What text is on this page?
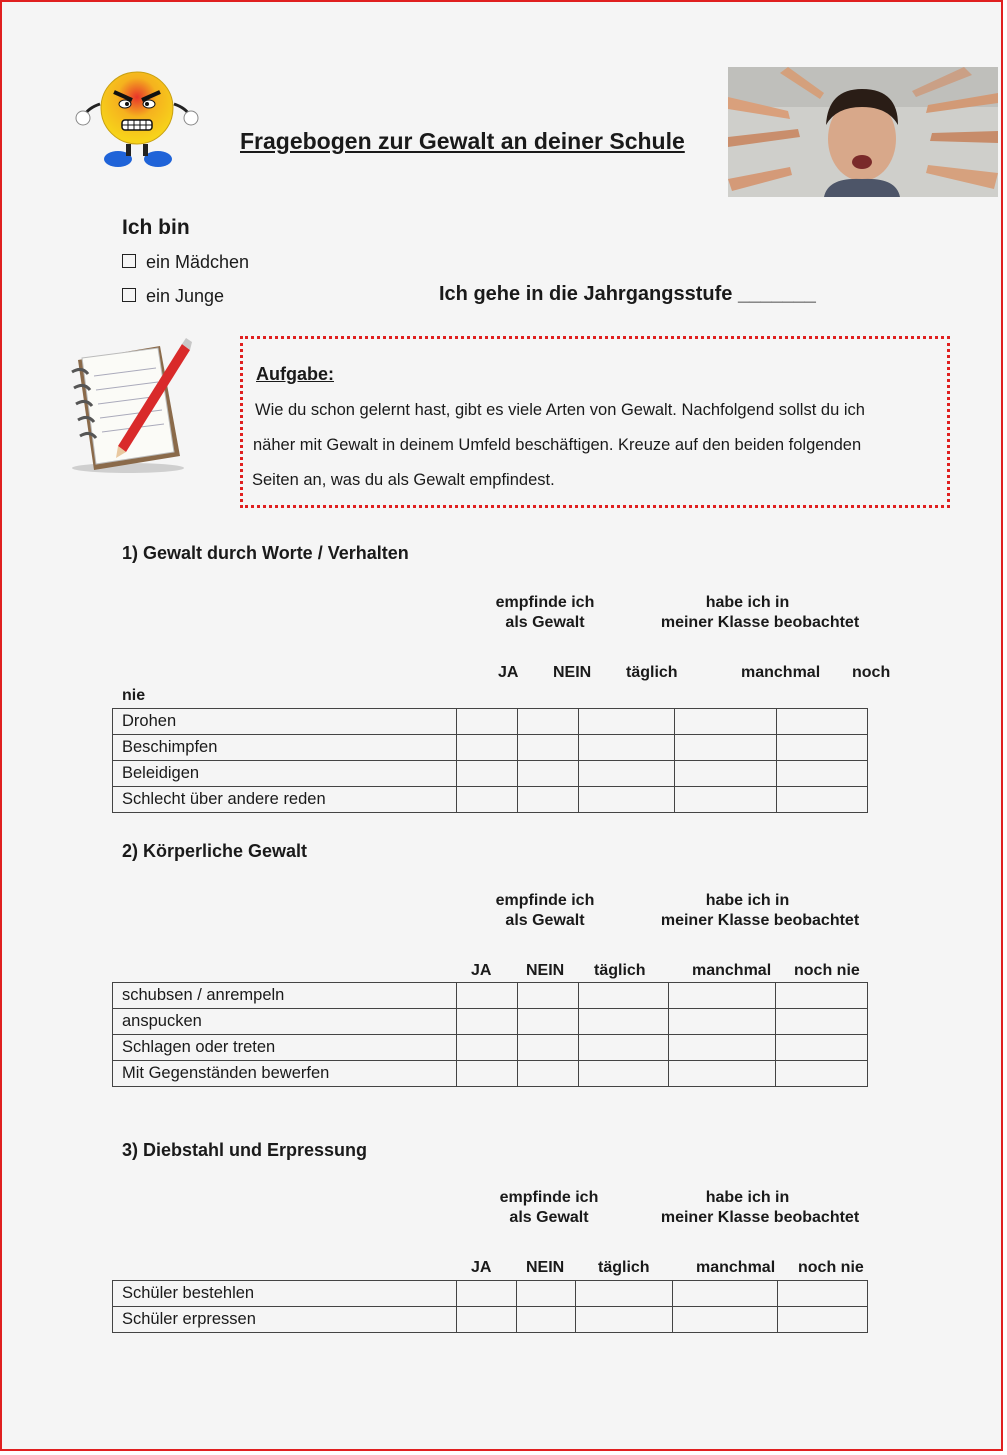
Fragebogen zur Gewalt an deiner Schule
Ich bin
ein Mädchen
ein Junge	Ich gehe in die Jahrgangsstufe _______
Aufgabe:
Wie du schon gelernt hast, gibt es viele Arten von Gewalt. Nachfolgend sollst du ich
näher mit Gewalt in deinem Umfeld beschäftigen. Kreuze auf den beiden folgenden
Seiten an, was du als Gewalt empfindest.
1) Gewalt durch Worte / Verhalten
empfinde ich
als Gewalt
habe ich in
meiner Klasse beobachtet
JA NEIN täglich	manchmal noch
nie
Drohen					
Beschimpfen					
Beleidigen					
Schlecht über andere reden					
2) Körperliche Gewalt
empfinde ich
als Gewalt
habe ich in
meiner Klasse beobachtet
JA NEIN täglich	manchmal noch nie
schubsen / anrempeln					
anspucken					
Schlagen oder treten					
Mit Gegenständen bewerfen					
3) Diebstahl und Erpressung
empfinde ich
als Gewalt
habe ich in
meiner Klasse beobachtet
JA NEIN täglich	manchmal noch nie
Schüler bestehlen					
Schüler erpressen					
